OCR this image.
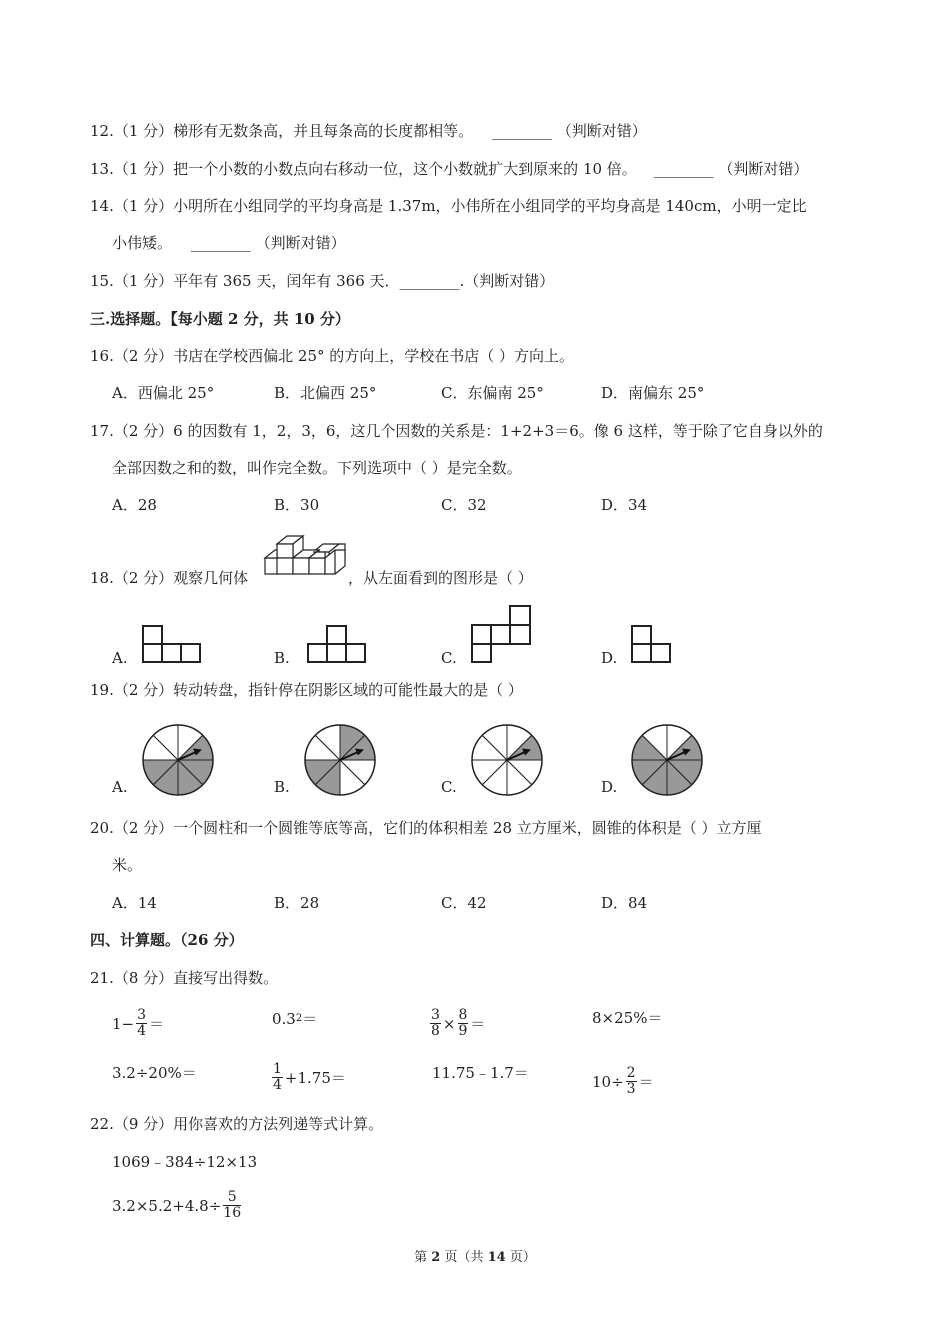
12.（1 分）梯形有无数条高，并且每条高的长度都相等。 ________ （判断对错）
13.（1 分）把一个小数的小数点向右移动一位，这个小数就扩大到原来的 10 倍。 ________ （判断对错）
14.（1 分）小明所在小组同学的平均身高是 1.37m，小伟所在小组同学的平均身高是 140cm，小明一定比
小伟矮。 ________ （判断对错）
15.（1 分）平年有 365 天，闰年有 366 天．________.（判断对错）
三.选择题。【每小题 2 分，共 10 分）
16.（2 分）书店在学校西偏北 25° 的方向上，学校在书店（ ）方向上。
A．西偏北 25°	B．北偏西 25°	C．东偏南 25°	D．南偏东 25°
17.（2 分）6 的因数有 1，2，3，6，这几个因数的关系是：1+2+3＝6。像 6 这样，等于除了它自身以外的
全部因数之和的数，叫作完全数。下列选项中（ ）是完全数。
A．28	B．30	C．32	D．34
18.（2 分）观察几何体	，从左面看到的图形是（ ）
A.	B.	C.	D.
19.（2 分）转动转盘，指针停在阴影区域的可能性最大的是（ ）
A.	B.	C.	D.
20.（2 分）一个圆柱和一个圆锥等底等高，它们的体积相差 28 立方厘米，圆锥的体积是（ ）立方厘
米。
A．14	B．28	C．42	D．84
四、计算题。（26 分）
21.（8 分）直接写出得数。
$1- \frac{3}{4}$ ＝	0.3 2 ＝	$\frac{3}{8} \times \frac{8}{9}$ ＝	8×25%＝
3.2÷20%＝	$\frac{1}{4} +1.75=$	11.75﹣1.7＝	$10\div \frac{2}{3}$ ＝
22.（9 分）用你喜欢的方法列递等式计算。
1069﹣384÷12×13
$3.2\times 5.2+4.8\div \frac{5}{16}$
第 2 页（共 14 页）
